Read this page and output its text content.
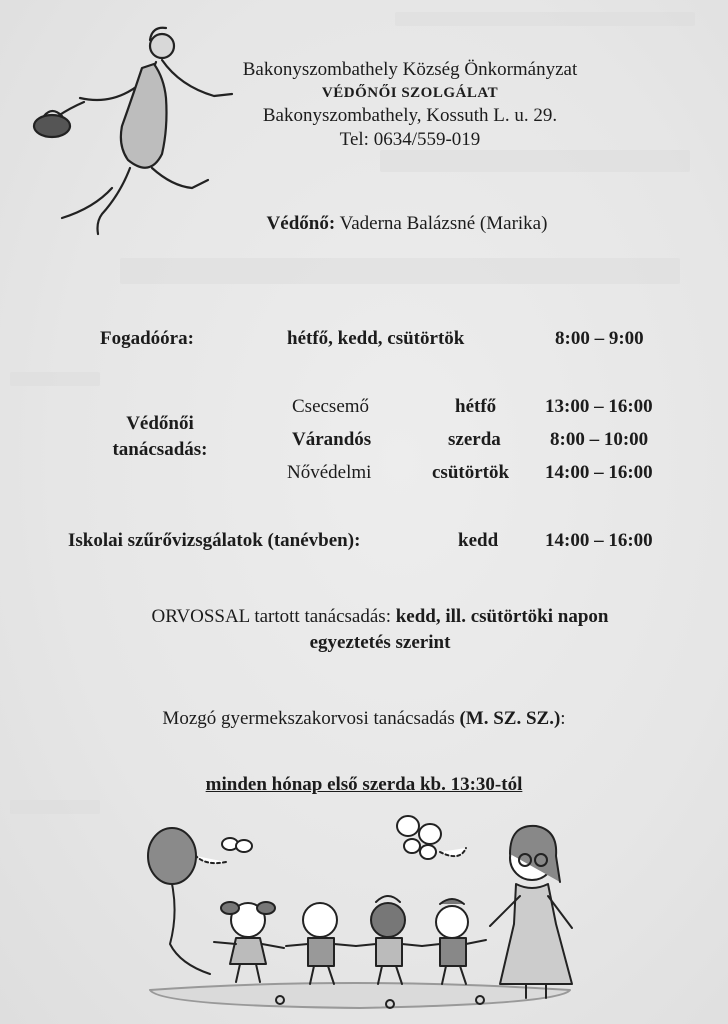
Bakonyszombathely Község Önkormányzat
VÉDŐNŐI SZOLGÁLAT
Bakonyszombathely, Kossuth L. u. 29.
Tel: 0634/559-019
Védőnő: Vaderna Balázsné (Marika)
Fogadóóra:	hétfő, kedd, csütörtök	8:00 – 9:00
Védőnői
tanácsadás:
Csecsemő	hétfő	13:00 – 16:00
Várandós	szerda	8:00 – 10:00
Nővédelmi	csütörtök 14:00 – 16:00
Iskolai szűrővizsgálatok (tanévben):	kedd 14:00 – 16:00
ORVOSSAL tartott tanácsadás: kedd, ill. csütörtöki napon
egyeztetés szerint
Mozgó gyermekszakorvosi tanácsadás (M. SZ. SZ.):
minden hónap első szerda kb. 13:30-tól
